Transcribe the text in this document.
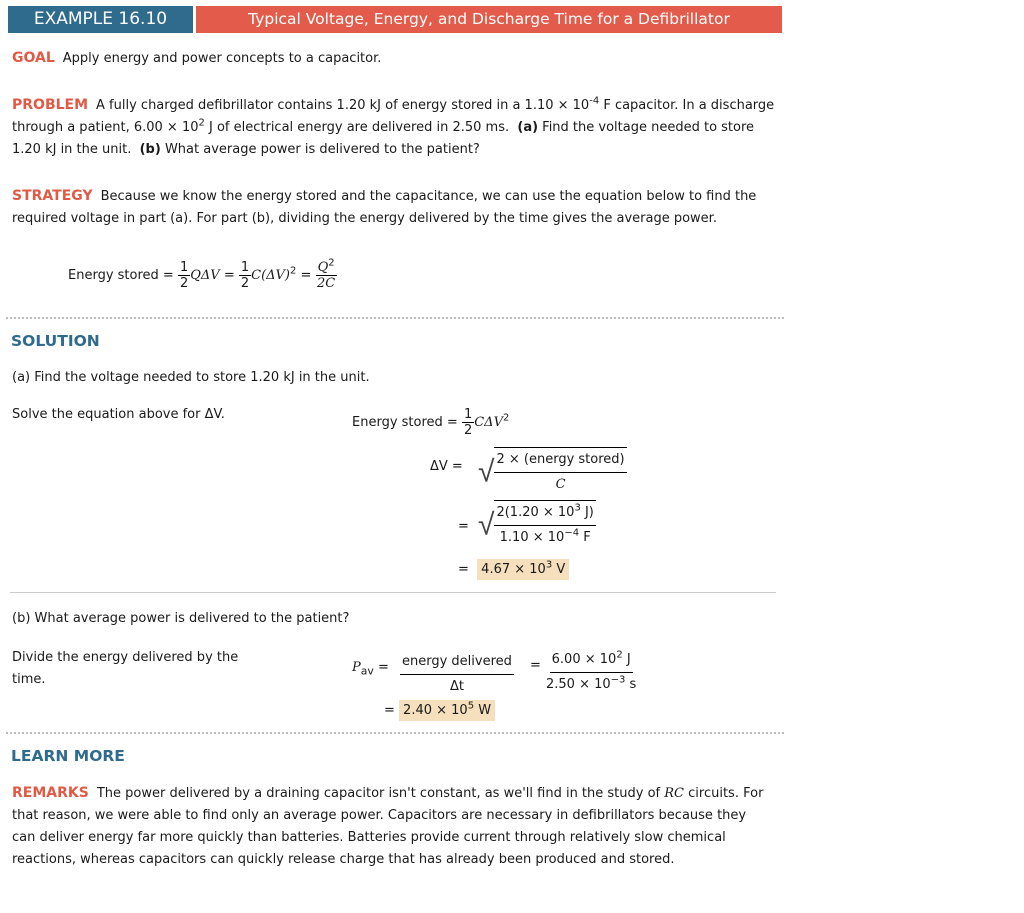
EXAMPLE 16.10	Typical Voltage, Energy, and Discharge Time for a Defibrillator
GOAL Apply energy and power concepts to a capacitor.
PROBLEM A fully charged defibrillator contains 1.20 kJ of energy stored in a $1.10 \times 10^{-4}$ F capacitor. In a discharge through a patient, $6.00 \times 10^2$ J of electrical energy are delivered in 2.50 ms. (a) Find the voltage needed to store 1.20 kJ in the unit. (b) What average power is delivered to the patient?
STRATEGY Because we know the energy stored and the capacitance, we can use the equation below to find the required voltage in part (a). For part (b), dividing the energy delivered by the time gives the average power.
Energy stored = $\frac{1}{2}$ $Q\Delta V = \frac{1}{2} C(\Delta V)^2 = \frac{Q^2}{2C}$
SOLUTION
(a) Find the voltage needed to store 1.20 kJ in the unit.
Solve the equation above for ΔV.
Energy stored = $\frac{1}{2} C\Delta V^2$
ΔV = √ 2 × (energy stored)
C
= √ $\frac{2(1.20 \times 10^3 J)}{1.10 \times 10^{-4} F}$
= $4.67 \times 10^3$ V
(b) What average power is delivered to the patient?
Divide the energy delivered by the time.
$P_{av}$ = energy delivered
Δt
= $\frac{6.00 \times 10^2 J}{2.50 \times 10^{-3} s}$
= $2.40 \times 10^5$ W
LEARN MORE
REMARKS The power delivered by a draining capacitor isn't constant, as we'll find in the study of RC circuits. For that reason, we were able to find only an average power. Capacitors are necessary in defibrillators because they can deliver energy far more quickly than batteries. Batteries provide current through relatively slow chemical reactions, whereas capacitors can quickly release charge that has already been produced and stored.
